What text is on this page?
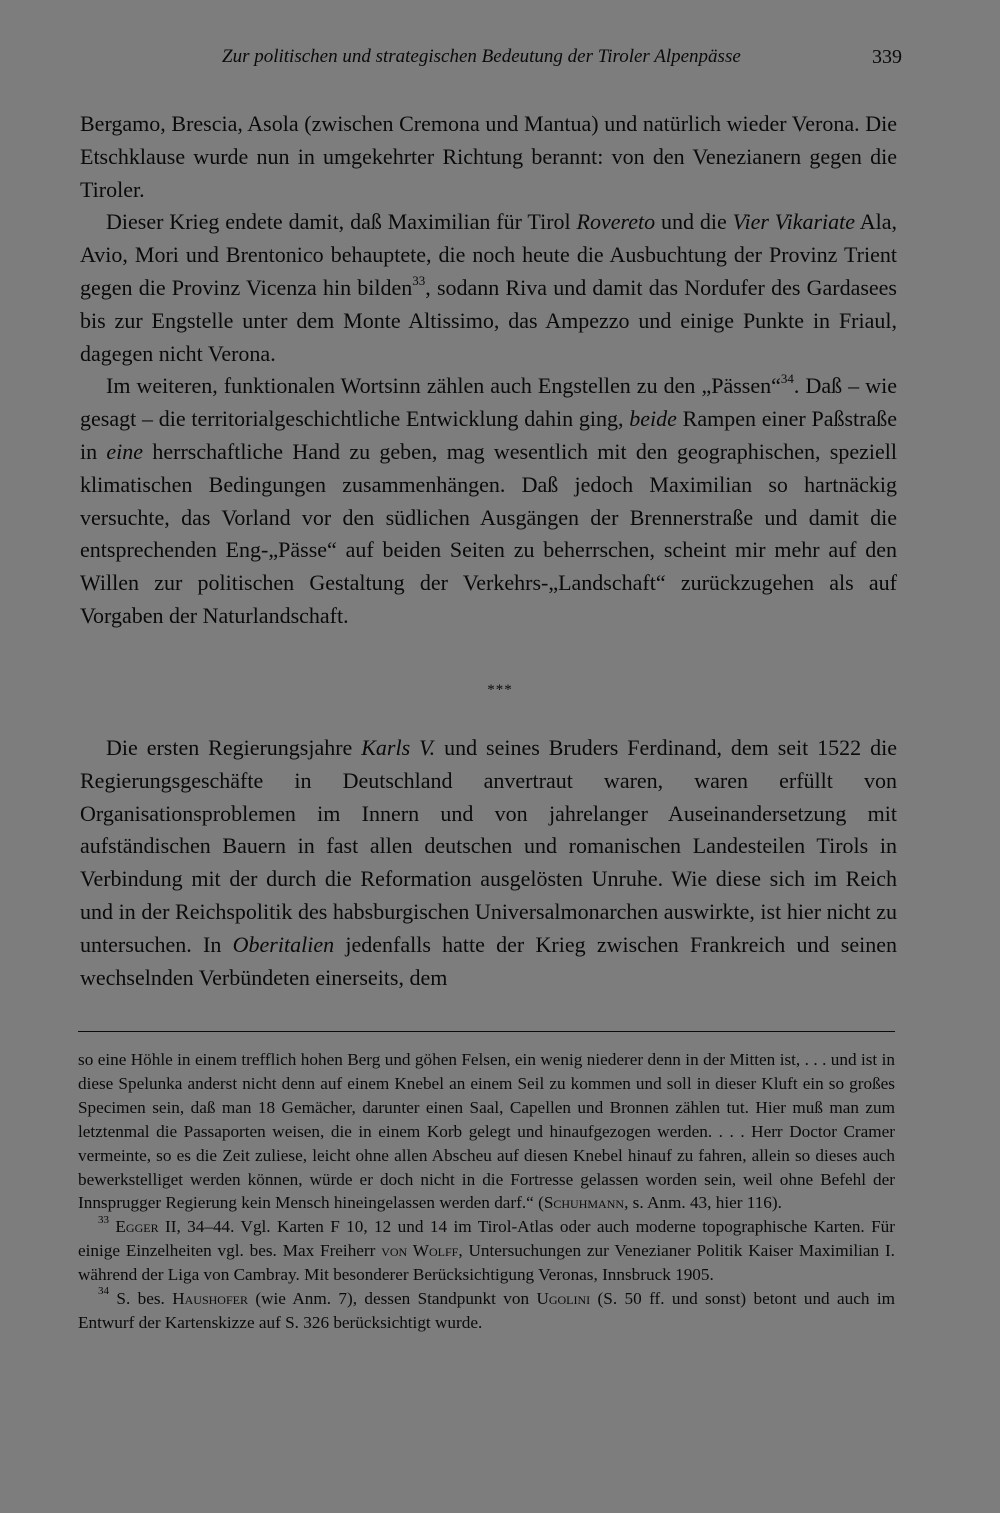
Zur politischen und strategischen Bedeutung der Tiroler Alpenpässe	339

Bergamo, Brescia, Asola (zwischen Cremona und Mantua) und natürlich wieder Verona. Die Etschklause wurde nun in umgekehrter Richtung berannt: von den Venezianern gegen die Tiroler.

Dieser Krieg endete damit, daß Maximilian für Tirol Rovereto und die Vier Vikariate Ala, Avio, Mori und Brentonico behauptete, die noch heute die Ausbuchtung der Provinz Trient gegen die Provinz Vicenza hin bilden$^{33}$, sodann Riva und damit das Nordufer des Gardasees bis zur Engstelle unter dem Monte Altissimo, das Ampezzo und einige Punkte in Friaul, dagegen nicht Verona.

Im weiteren, funktionalen Wortsinn zählen auch Engstellen zu den „Pässen“$^{34}$. Daß – wie gesagt – die territorialgeschichtliche Entwicklung dahin ging, beide Rampen einer Paßstraße in eine herrschaftliche Hand zu geben, mag wesentlich mit den geographischen, speziell klimatischen Bedingungen zusammenhängen. Daß jedoch Maximilian so hartnäckig versuchte, das Vorland vor den südlichen Ausgängen der Brennerstraße und damit die entsprechenden Eng-„Pässe“ auf beiden Seiten zu beherrschen, scheint mir mehr auf den Willen zur politischen Gestaltung der Verkehrs-„Landschaft“ zurückzugehen als auf Vorgaben der Naturlandschaft.

***

Die ersten Regierungsjahre Karls V. und seines Bruders Ferdinand, dem seit 1522 die Regierungsgeschäfte in Deutschland anvertraut waren, waren erfüllt von Organisationsproblemen im Innern und von jahrelanger Auseinandersetzung mit aufständischen Bauern in fast allen deutschen und romanischen Landesteilen Tirols in Verbindung mit der durch die Reformation ausgelösten Unruhe. Wie diese sich im Reich und in der Reichspolitik des habsburgischen Universalmonarchen auswirkte, ist hier nicht zu untersuchen. In Oberitalien jedenfalls hatte der Krieg zwischen Frankreich und seinen wechselnden Verbündeten einerseits, dem

so eine Höhle in einem trefflich hohen Berg und göhen Felsen, ein wenig niederer denn in der Mitten ist, . . . und ist in diese Spelunka anderst nicht denn auf einem Knebel an einem Seil zu kommen und soll in dieser Kluft ein so großes Specimen sein, daß man 18 Gemächer, darunter einen Saal, Capellen und Bronnen zählen tut. Hier muß man zum letztenmal die Passaporten weisen, die in einem Korb gelegt und hinaufgezogen werden. . . . Herr Doctor Cramer vermeinte, so es die Zeit zuliese, leicht ohne allen Abscheu auf diesen Knebel hinauf zu fahren, allein so dieses auch bewerkstelliget werden können, würde er doch nicht in die Fortresse gelassen worden sein, weil ohne Befehl der Innsprugger Regierung kein Mensch hineingelassen werden darf.“ (Schuhmann, s. Anm. 43, hier 116).

$^{33}$ Egger II, 34–44. Vgl. Karten F 10, 12 und 14 im Tirol-Atlas oder auch moderne topographische Karten. Für einige Einzelheiten vgl. bes. Max Freiherr von Wolff, Untersuchungen zur Venezianer Politik Kaiser Maximilian I. während der Liga von Cambray. Mit besonderer Berücksichtigung Veronas, Innsbruck 1905.

$^{34}$ S. bes. Haushofer (wie Anm. 7), dessen Standpunkt von Ugolini (S. 50 ff. und sonst) betont und auch im Entwurf der Kartenskizze auf S. 326 berücksichtigt wurde.
